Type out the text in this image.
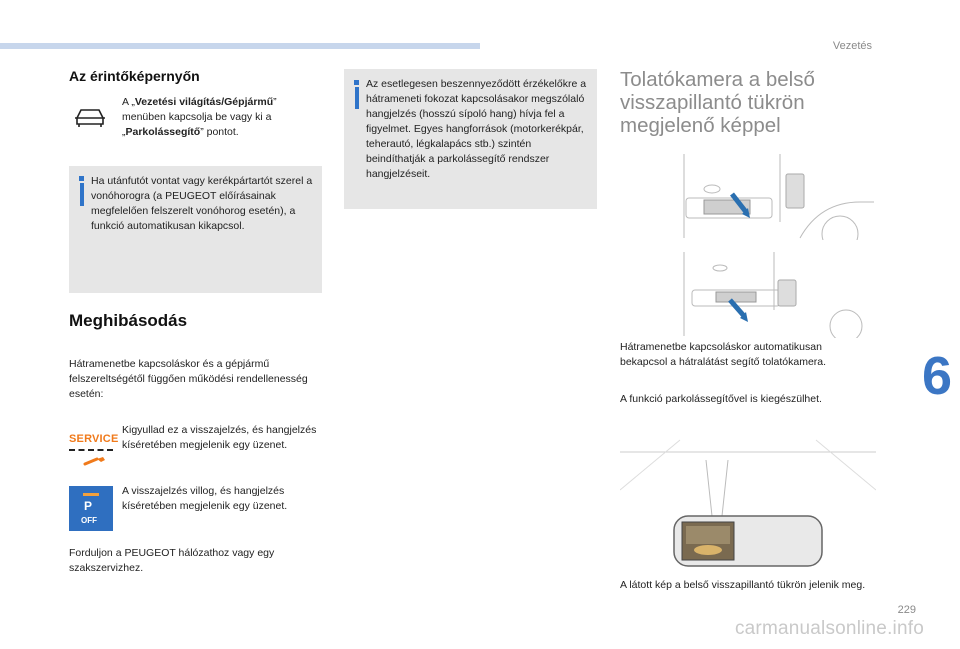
Vezetés
Az érintőképernyőn
A „Vezetési világítás/Gépjármű” menüben kapcsolja be vagy ki a „Parkolássegítő” pontot.
Ha utánfutót vontat vagy kerékpártartót szerel a vonóhorogra (a PEUGEOT előírásainak megfelelően felszerelt vonóhorog esetén), a funkció automatikusan kikapcsol.
Meghibásodás
Hátramenetbe kapcsoláskor és a gépjármű felszereltségétől függően működési rendellenesség esetén:
SERVICE
Kigyullad ez a visszajelzés, és hangjelzés kíséretében megjelenik egy üzenet.
P
OFF
A visszajelzés villog, és hangjelzés kíséretében megjelenik egy üzenet.
Forduljon a PEUGEOT hálózathoz vagy egy szakszervizhez.
Az esetlegesen beszennyeződött érzékelőkre a hátrameneti fokozat kapcsolásakor megszólaló hangjelzés (hosszú sípoló hang) hívja fel a figyelmet. Egyes hangforrások (motorkerékpár, teherautó, légkalapács stb.) szintén beindíthatják a parkolássegítő rendszer hangjelzéseit.
Tolatókamera a belső visszapillantó tükrön megjelenő képpel
Hátramenetbe kapcsoláskor automatikusan bekapcsol a hátralátást segítő tolatókamera.
A funkció parkolássegítővel is kiegészülhet.
A látott kép a belső visszapillantó tükrön jelenik meg.
6
229
carmanualsonline.info
